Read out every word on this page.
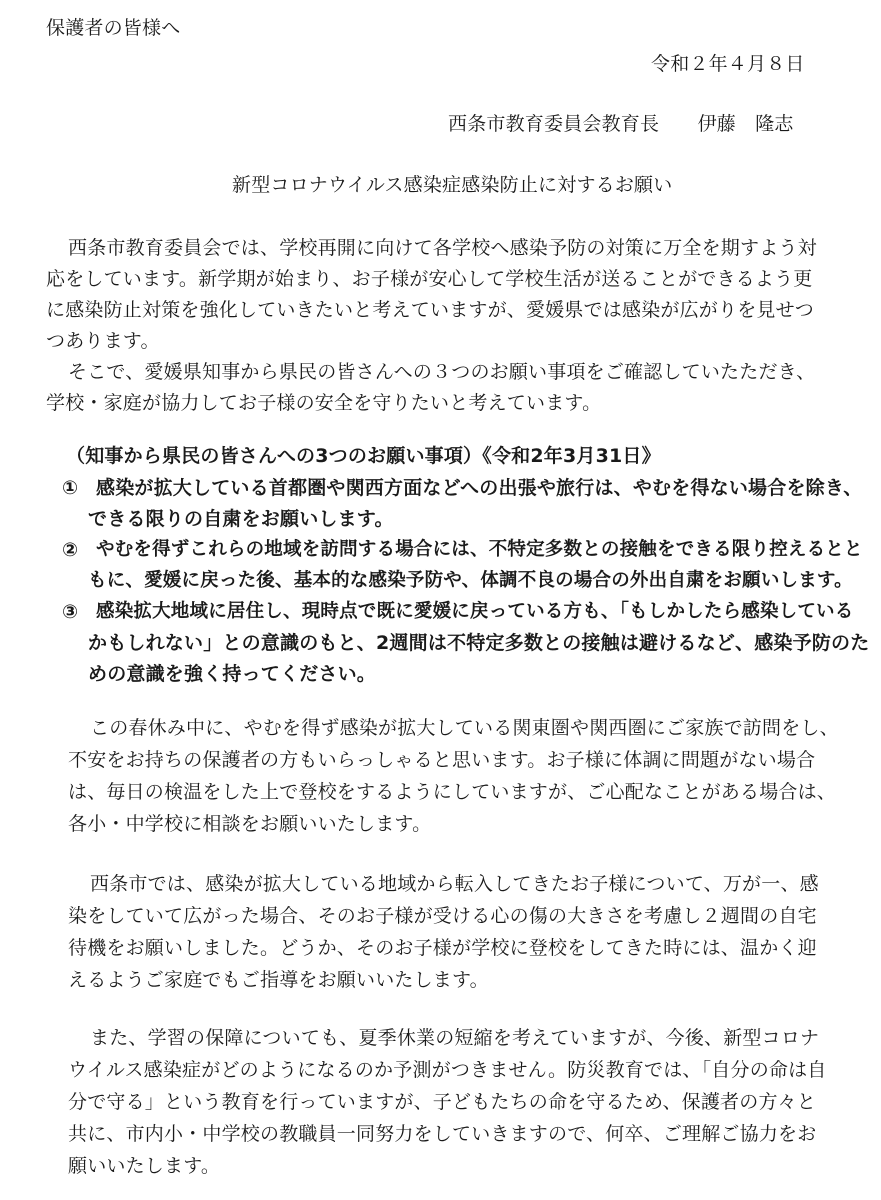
保護者の皆様へ
令和２年４月８日
西条市教育委員会教育長　　伊藤　隆志
新型コロナウイルス感染症感染防止に対するお願い
西条市教育委員会では、学校再開に向けて各学校へ感染予防の対策に万全を期すよう対
応をしています。新学期が始まり、お子様が安心して学校生活が送ることができるよう更
に感染防止対策を強化していきたいと考えていますが、愛媛県では感染が広がりを見せつ
つあります。
そこで、愛媛県知事から県民の皆さんへの３つのお願い事項をご確認していたただき、
学校・家庭が協力してお子様の安全を守りたいと考えています。
（知事から県民の皆さんへの3つのお願い事項）《令和2年3月31日》
① 感染が拡大している首都圏や関西方面などへの出張や旅行は、やむを得ない場合を除き、
できる限りの自粛をお願いします。
② やむを得ずこれらの地域を訪問する場合には、不特定多数との接触をできる限り控えるとと
もに、愛媛に戻った後、基本的な感染予防や、体調不良の場合の外出自粛をお願いします。
③ 感染拡大地域に居住し、現時点で既に愛媛に戻っている方も、「もしかしたら感染している
かもしれない」との意識のもと、2週間は不特定多数との接触は避けるなど、感染予防のた
めの意識を強く持ってください。
この春休み中に、やむを得ず感染が拡大している関東圏や関西圏にご家族で訪問をし、
不安をお持ちの保護者の方もいらっしゃると思います。お子様に体調に問題がない場合
は、毎日の検温をした上で登校をするようにしていますが、ご心配なことがある場合は、
各小・中学校に相談をお願いいたします。
西条市では、感染が拡大している地域から転入してきたお子様について、万が一、感
染をしていて広がった場合、そのお子様が受ける心の傷の大きさを考慮し２週間の自宅
待機をお願いしました。どうか、そのお子様が学校に登校をしてきた時には、温かく迎
えるようご家庭でもご指導をお願いいたします。
また、学習の保障についても、夏季休業の短縮を考えていますが、今後、新型コロナ
ウイルス感染症がどのようになるのか予測がつきません。防災教育では、「自分の命は自
分で守る」という教育を行っていますが、子どもたちの命を守るため、保護者の方々と
共に、市内小・中学校の教職員一同努力をしていきますので、何卒、ご理解ご協力をお
願いいたします。
